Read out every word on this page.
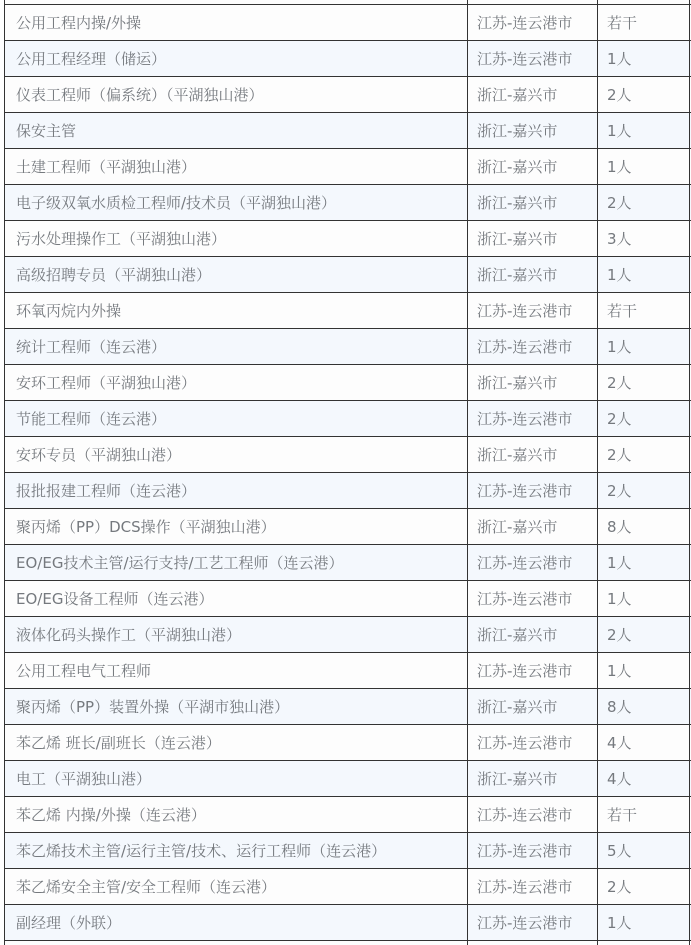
公用工程内操/外操	江苏-连云港市	若干
公用工程经理（储运）	江苏-连云港市	1人
仪表工程师（偏系统）（平湖独山港）	浙江-嘉兴市	2人
保安主管	浙江-嘉兴市	1人
土建工程师（平湖独山港）	浙江-嘉兴市	1人
电子级双氧水质检工程师/技术员（平湖独山港）	浙江-嘉兴市	2人
污水处理操作工（平湖独山港）	浙江-嘉兴市	3人
高级招聘专员（平湖独山港）	浙江-嘉兴市	1人
环氧丙烷内外操	江苏-连云港市	若干
统计工程师（连云港）	江苏-连云港市	1人
安环工程师（平湖独山港）	浙江-嘉兴市	2人
节能工程师（连云港）	江苏-连云港市	2人
安环专员（平湖独山港）	浙江-嘉兴市	2人
报批报建工程师（连云港）	江苏-连云港市	2人
聚丙烯（PP）DCS操作（平湖独山港）	浙江-嘉兴市	8人
EO/EG技术主管/运行支持/工艺工程师（连云港）	江苏-连云港市	1人
EO/EG设备工程师（连云港）	江苏-连云港市	1人
液体化码头操作工（平湖独山港）	浙江-嘉兴市	2人
公用工程电气工程师	江苏-连云港市	1人
聚丙烯（PP）装置外操（平湖市独山港）	浙江-嘉兴市	8人
苯乙烯 班长/副班长（连云港）	江苏-连云港市	4人
电工（平湖独山港）	浙江-嘉兴市	4人
苯乙烯 内操/外操（连云港）	江苏-连云港市	若干
苯乙烯技术主管/运行主管/技术、运行工程师（连云港）	江苏-连云港市	5人
苯乙烯安全主管/安全工程师（连云港）	江苏-连云港市	2人
副经理（外联）	江苏-连云港市	1人
